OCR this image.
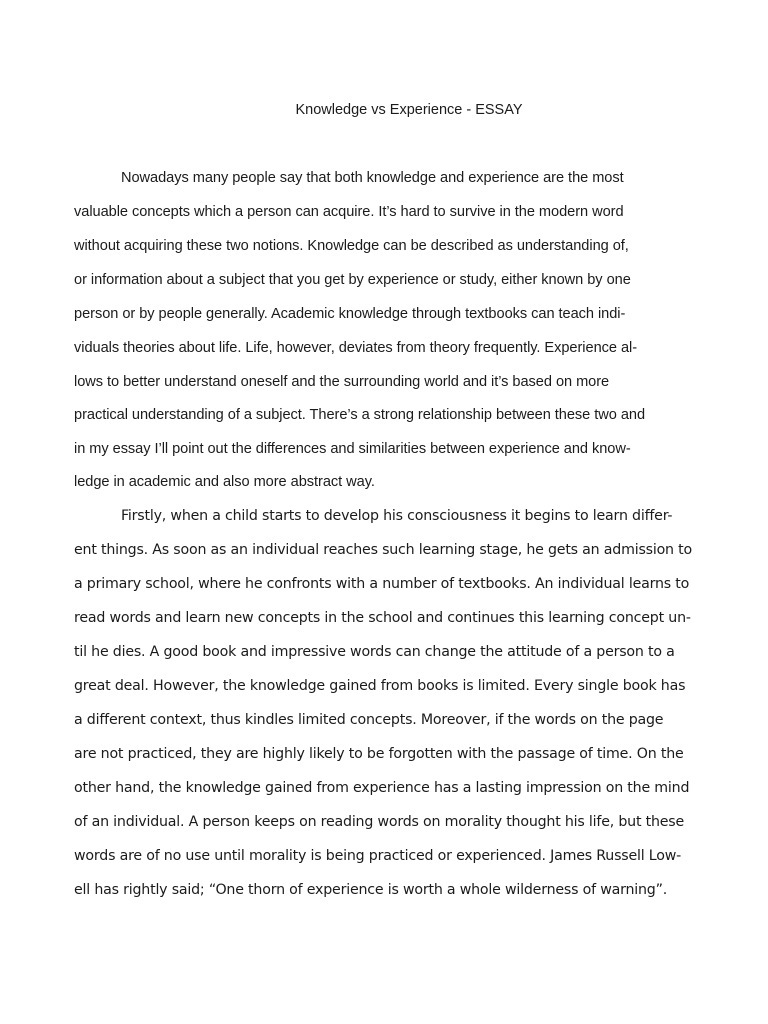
Knowledge vs Experience - ESSAY
Nowadays many people say that both knowledge and experience are the most
valuable concepts which a person can acquire. It’s hard to survive in the modern word
without acquiring these two notions. Knowledge can be described as understanding of,
or information about a subject that you get by experience or study, either known by one
person or by people generally. Academic knowledge through textbooks can teach indi-
viduals theories about life. Life, however, deviates from theory frequently. Experience al-
lows to better understand oneself and the surrounding world and it’s based on more
practical understanding of a subject. There’s a strong relationship between these two and
in my essay I’ll point out the differences and similarities between experience and know-
ledge in academic and also more abstract way.
Firstly, when a child starts to develop his consciousness it begins to learn differ-
ent things. As soon as an individual reaches such learning stage, he gets an admission to
a primary school, where he confronts with a number of textbooks. An individual learns to
read words and learn new concepts in the school and continues this learning concept un-
til he dies. A good book and impressive words can change the attitude of a person to a
great deal. However, the knowledge gained from books is limited. Every single book has
a different context, thus kindles limited concepts. Moreover, if the words on the page
are not practiced, they are highly likely to be forgotten with the passage of time. On the
other hand, the knowledge gained from experience has a lasting impression on the mind
of an individual. A person keeps on reading words on morality thought his life, but these
words are of no use until morality is being practiced or experienced. James Russell Low-
ell has rightly said; “One thorn of experience is worth a whole wilderness of warning”.
